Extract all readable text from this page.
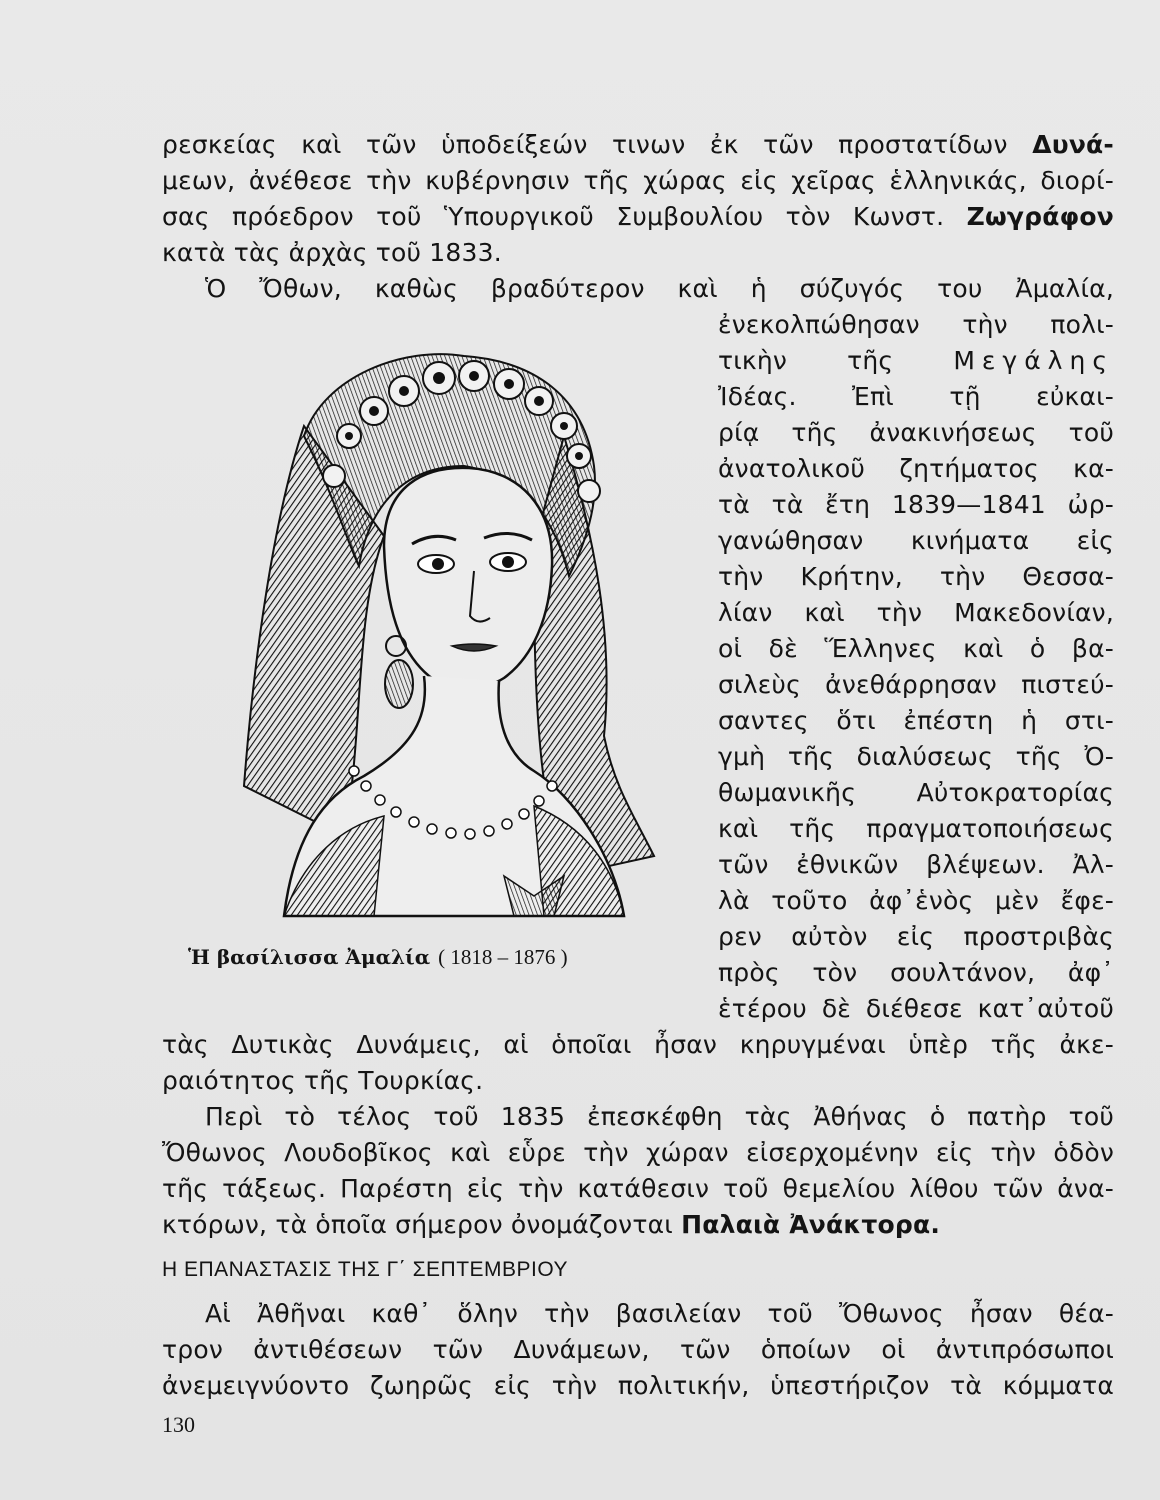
ρεσκείας καὶ τῶν ὑποδείξεών τινων ἐκ τῶν προστατίδων Δυνά-
μεων, ἀνέθεσε τὴν κυβέρνησιν τῆς χώρας εἰς χεῖρας ἑλληνικάς, διορί-
σας πρόεδρον τοῦ Ὑπουργικοῦ Συμβουλίου τὸν Κωνστ. Ζωγράφον
κατὰ τὰς ἀρχὰς τοῦ 1833.
Ὁ Ὄθων, καθὼς βραδύτερον καὶ ἡ σύζυγός του Ἀμαλία,
ἐνεκολπώθησαν τὴν πολι-
τικὴν τῆς Μεγάλης
Ἰδέας. Ἐπὶ τῇ εὐκαι-
ρίᾳ τῆς ἀνακινήσεως τοῦ
ἀνατολικοῦ ζητήματος κα-
τὰ τὰ ἔτη 1839—1841 ὠρ-
γανώθησαν κινήματα εἰς
τὴν Κρήτην, τὴν Θεσσα-
λίαν καὶ τὴν Μακεδονίαν,
οἱ δὲ Ἕλληνες καὶ ὁ βα-
σιλεὺς ἀνεθάρρησαν πιστεύ-
σαντες ὅτι ἐπέστη ἡ στι-
γμὴ τῆς διαλύσεως τῆς Ὀ-
θωμανικῆς Αὐτοκρατορίας
καὶ τῆς πραγματοποιήσεως
τῶν ἐθνικῶν βλέψεων. Ἀλ-
λὰ τοῦτο ἀφ᾽ἑνὸς μὲν ἔφε-
ρεν αὐτὸν εἰς προστριβὰς
πρὸς τὸν σουλτάνον, ἀφ᾽
ἑτέρου δὲ διέθεσε κατ᾽αὐτοῦ
Ἡ βασίλισσα Ἀμαλία ( 1818 – 1876 )
τὰς Δυτικὰς Δυνάμεις, αἱ ὁποῖαι ἦσαν κηρυγμέναι ὑπὲρ τῆς ἀκε-
ραιότητος τῆς Τουρκίας.
Περὶ τὸ τέλος τοῦ 1835 ἐπεσκέφθη τὰς Ἀθήνας ὁ πατὴρ τοῦ
Ὄθωνος Λουδοβῖκος καὶ εὗρε τὴν χώραν εἰσερχομένην εἰς τὴν ὁδὸν
τῆς τάξεως. Παρέστη εἰς τὴν κατάθεσιν τοῦ θεμελίου λίθου τῶν ἀνα-
κτόρων, τὰ ὁποῖα σήμερον ὀνομάζονται Παλαιὰ Ἀνάκτορα.
Η ΕΠΑΝΑΣΤΑΣΙΣ ΤΗΣ Γ΄ ΣΕΠΤΕΜΒΡΙΟΥ
Αἱ Ἀθῆναι καθ᾽ ὅλην τὴν βασιλείαν τοῦ Ὄθωνος ἦσαν θέα-
τρον ἀντιθέσεων τῶν Δυνάμεων, τῶν ὁποίων οἱ ἀντιπρόσωποι
ἀνεμειγνύοντο ζωηρῶς εἰς τὴν πολιτικήν, ὑπεστήριζον τὰ κόμματα
130
